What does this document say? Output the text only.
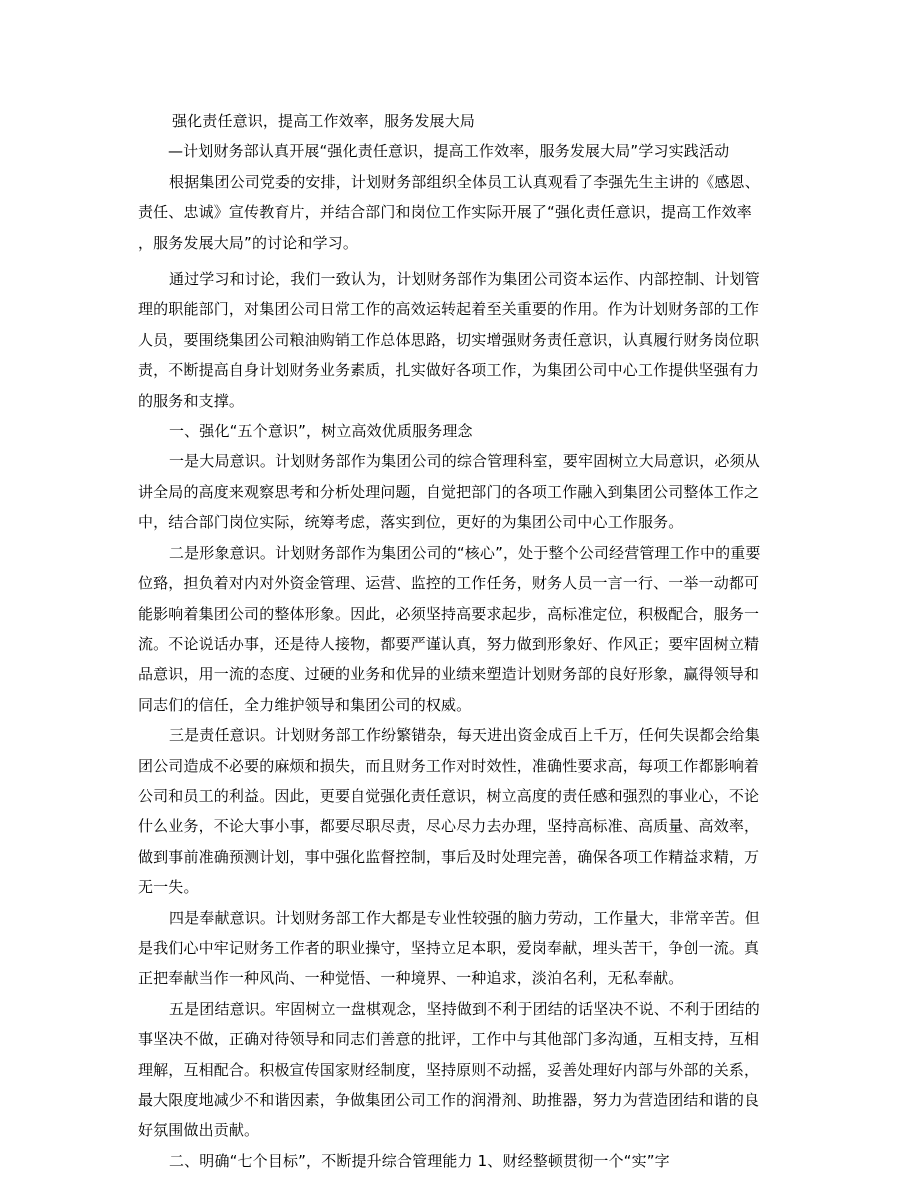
强化责任意识，提高工作效率，服务发展大局

—计划财务部认真开展“强化责任意识，提高工作效率，服务发展大局”学习实践活动

根据集团公司党委的安排，计划财务部组织全体员工认真观看了李强先生主讲的《感恩、

责任、忠诚》宣传教育片，并结合部门和岗位工作实际开展了“强化责任意识，提高工作效率

，服务发展大局”的讨论和学习。

通过学习和讨论，我们一致认为，计划财务部作为集团公司资本运作、内部控制、计划管

理的职能部门，对集团公司日常工作的高效运转起着至关重要的作用。作为计划财务部的工作

人员，要围绕集团公司粮油购销工作总体思路，切实增强财务责任意识，认真履行财务岗位职

责，不断提高自身计划财务业务素质，扎实做好各项工作，为集团公司中心工作提供坚强有力

的服务和支撑。

一、强化“五个意识”，树立高效优质服务理念

一是大局意识。计划财务部作为集团公司的综合管理科室，要牢固树立大局意识，必须从

讲全局的高度来观察思考和分析处理问题，自觉把部门的各项工作融入到集团公司整体工作之

中，结合部门岗位实际，统筹考虑，落实到位，更好的为集团公司中心工作服务。

二是形象意识。计划财务部作为集团公司的“核心”，处于整个公司经营管理工作中的重要

位臵，担负着对内对外资金管理、运营、监控的工作任务，财务人员一言一行、一举一动都可

能影响着集团公司的整体形象。因此，必须坚持高要求起步，高标准定位，积极配合，服务一

流。不论说话办事，还是待人接物，都要严谨认真，努力做到形象好、作风正；要牢固树立精

品意识，用一流的态度、过硬的业务和优异的业绩来塑造计划财务部的良好形象，赢得领导和

同志们的信任，全力维护领导和集团公司的权威。

三是责任意识。计划财务部工作纷繁错杂，每天进出资金成百上千万，任何失误都会给集

团公司造成不必要的麻烦和损失，而且财务工作对时效性，准确性要求高，每项工作都影响着

公司和员工的利益。因此，更要自觉强化责任意识，树立高度的责任感和强烈的事业心，不论

什么业务，不论大事小事，都要尽职尽责，尽心尽力去办理，坚持高标准、高质量、高效率，

做到事前准确预测计划，事中强化监督控制，事后及时处理完善，确保各项工作精益求精，万

无一失。

四是奉献意识。计划财务部工作大都是专业性较强的脑力劳动，工作量大，非常辛苦。但

是我们心中牢记财务工作者的职业操守，坚持立足本职，爱岗奉献，埋头苦干，争创一流。真

正把奉献当作一种风尚、一种觉悟、一种境界、一种追求，淡泊名利，无私奉献。

五是团结意识。牢固树立一盘棋观念，坚持做到不利于团结的话坚决不说、不利于团结的

事坚决不做，正确对待领导和同志们善意的批评，工作中与其他部门多沟通，互相支持，互相

理解，互相配合。积极宣传国家财经制度，坚持原则不动摇，妥善处理好内部与外部的关系，

最大限度地减少不和谐因素，争做集团公司工作的润滑剂、助推器，努力为营造团结和谐的良

好氛围做出贡献。

二、明确“七个目标”，不断提升综合管理能力 1、财经整顿贯彻一个“实”字
